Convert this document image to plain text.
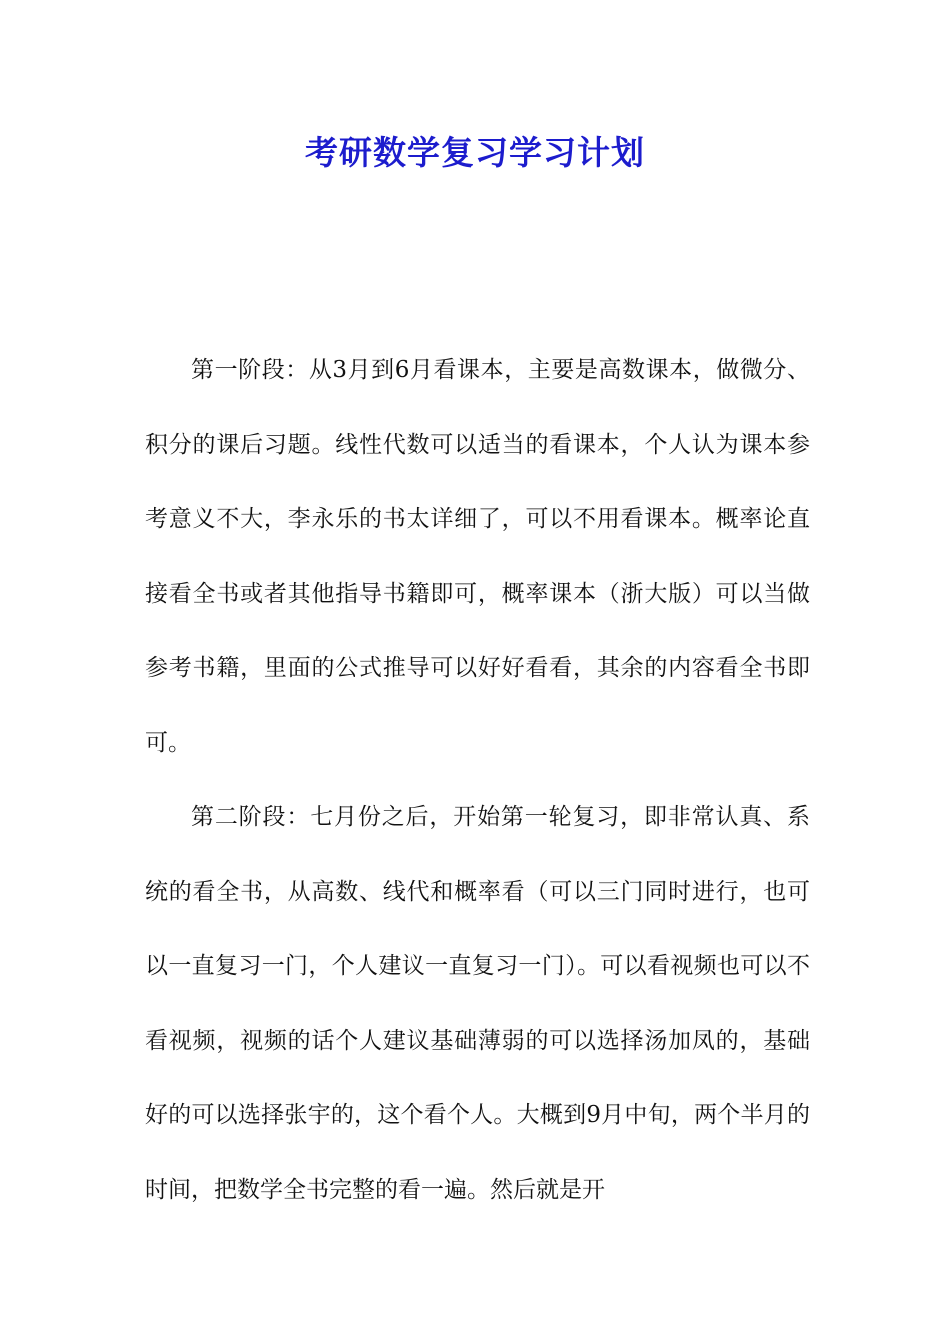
考研数学复习学习计划

第一阶段：从3月到6月看课本，主要是高数课本，做微分、积分的课后习题。线性代数可以适当的看课本，个人认为课本参考意义不大，李永乐的书太详细了，可以不用看课本。概率论直接看全书或者其他指导书籍即可，概率课本（浙大版）可以当做参考书籍，里面的公式推导可以好好看看，其余的内容看全书即可。

第二阶段：七月份之后，开始第一轮复习，即非常认真、系统的看全书，从高数、线代和概率看（可以三门同时进行，也可以一直复习一门，个人建议一直复习一门）。可以看视频也可以不看视频，视频的话个人建议基础薄弱的可以选择汤加凤的，基础好的可以选择张宇的，这个看个人。大概到9月中旬，两个半月的时间，把数学全书完整的看一遍。然后就是开
